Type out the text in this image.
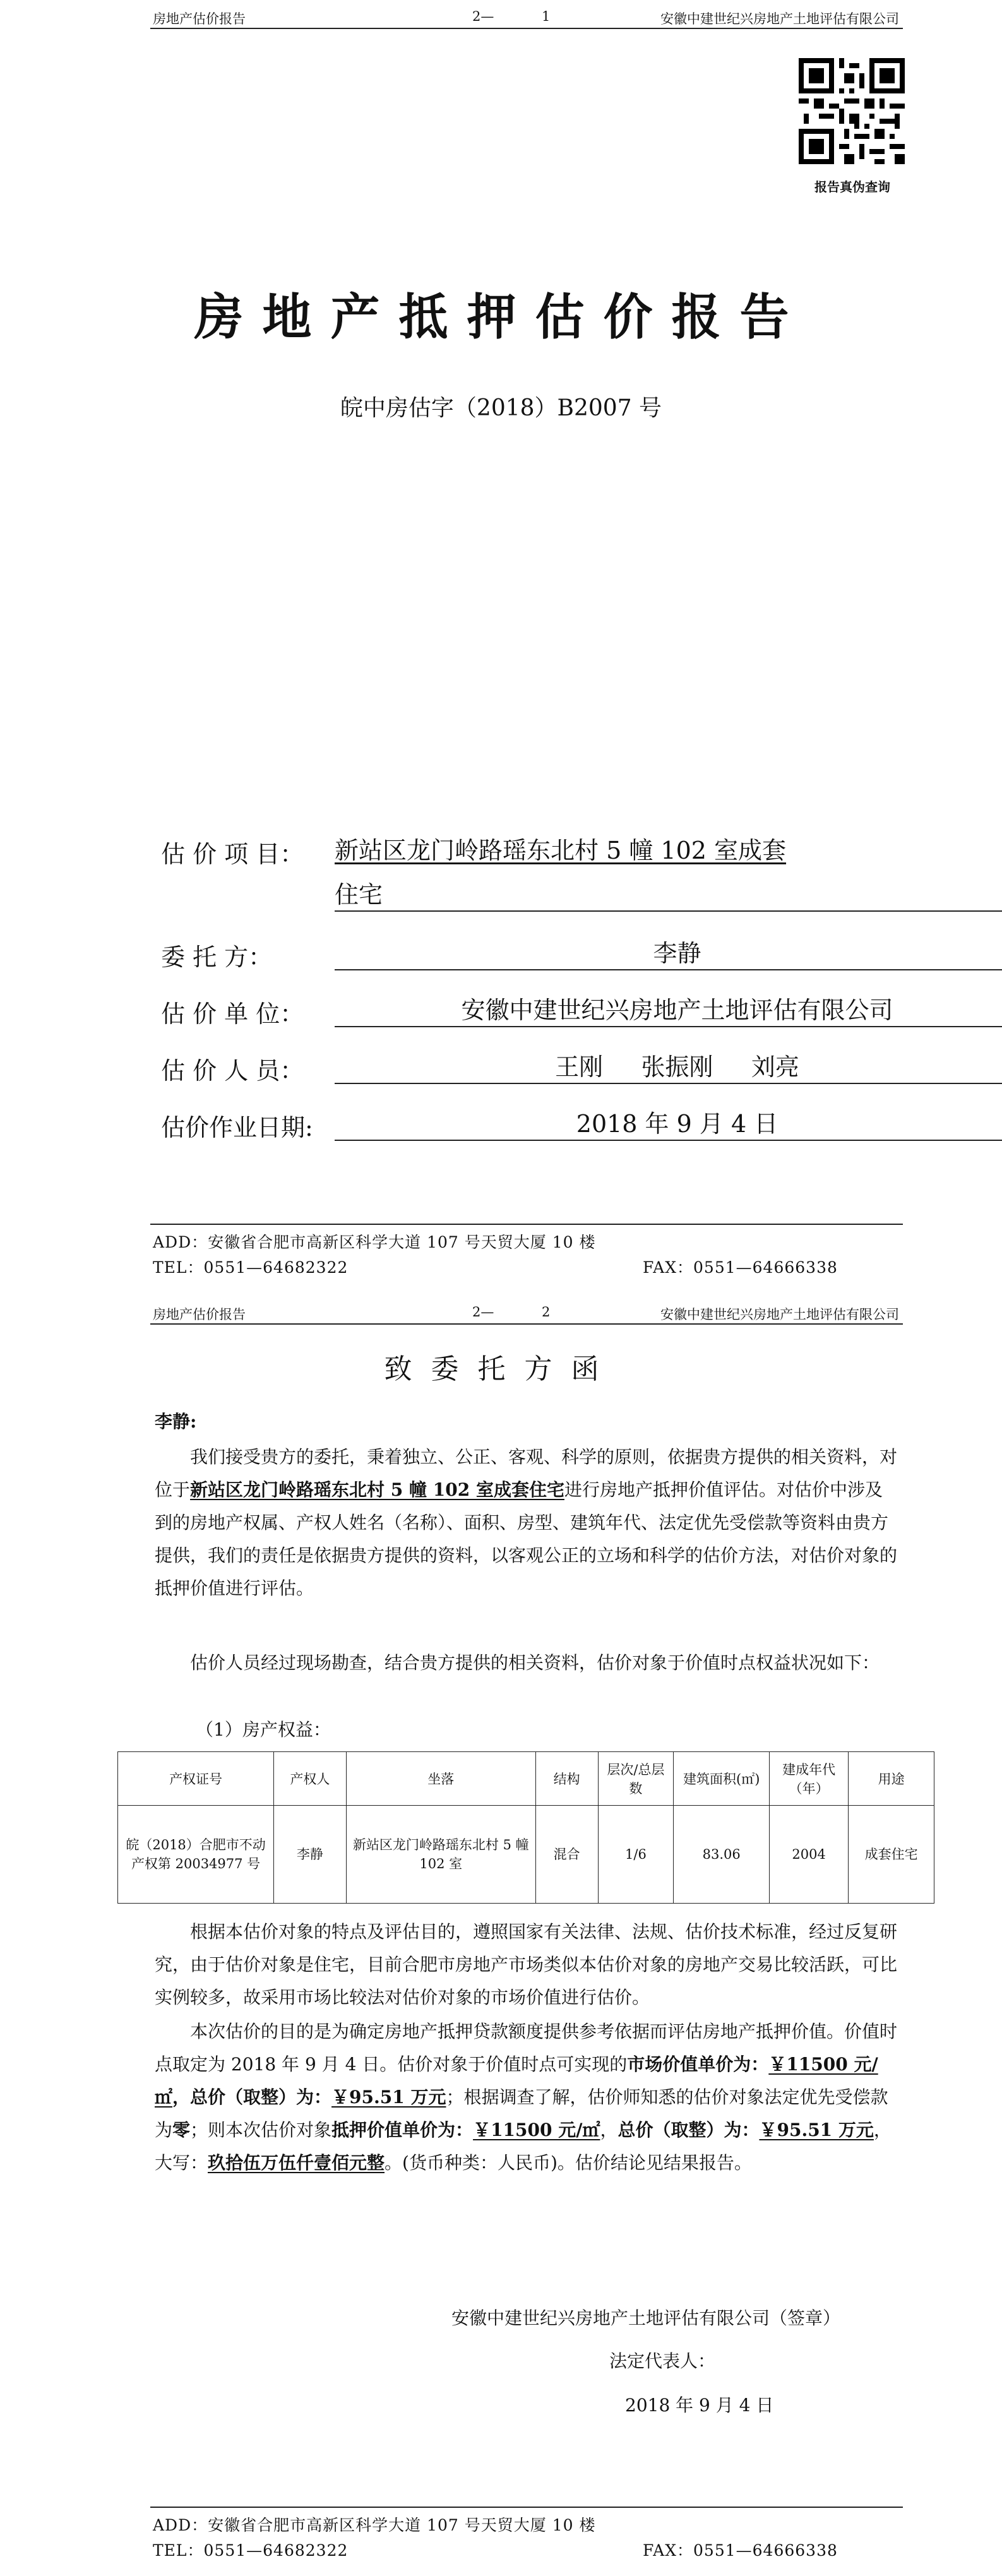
房地产估价报告	2—	1	安徽中建世纪兴房地产土地评估有限公司
报告真伪查询
房地产抵押估价报告
皖中房估字（2018）B2007 号
估 价 项 目： 新站区龙门岭路瑶东北村 5 幢 102 室成套
住宅
委 托 方：	李静
估 价 单 位：	安徽中建世纪兴房地产土地评估有限公司
估 价 人 员：	王刚     张振刚     刘亮
估价作业日期:	2018 年 9 月 4 日
ADD：安徽省合肥市高新区科学大道 107 号天贸大厦 10 楼
TEL：0551—64682322	FAX：0551—64666338
房地产估价报告	2—	2	安徽中建世纪兴房地产土地评估有限公司
致委托方函
李静:
我们接受贵方的委托，秉着独立、公正、客观、科学的原则，依据贵方提供的相关资料，对位于新站区龙门岭路瑶东北村 5 幢 102 室成套住宅进行房地产抵押价值评估。对估价中涉及到的房地产权属、产权人姓名（名称）、面积、房型、建筑年代、法定优先受偿款等资料由贵方提供，我们的责任是依据贵方提供的资料，以客观公正的立场和科学的估价方法，对估价对象的抵押价值进行评估。
估价人员经过现场勘查，结合贵方提供的相关资料，估价对象于价值时点权益状况如下：
（1）房产权益：
产权证号	产权人	坐落	结构	层次/总层数	建筑面积(㎡)	建成年代（年）	用途
皖（2018）合肥市不动产权第 20034977 号	李静	新站区龙门岭路瑶东北村 5 幢 102 室	混合	1/6	83.06	2004	成套住宅
根据本估价对象的特点及评估目的，遵照国家有关法律、法规、估价技术标准，经过反复研究，由于估价对象是住宅，目前合肥市房地产市场类似本估价对象的房地产交易比较活跃，可比实例较多，故采用市场比较法对估价对象的市场价值进行估价。
本次估价的目的是为确定房地产抵押贷款额度提供参考依据而评估房地产抵押价值。价值时点取定为 2018 年 9 月 4 日。估价对象于价值时点可实现的市场价值单价为：￥11500 元/㎡，总价（取整）为：￥95.51 万元；根据调查了解，估价师知悉的估价对象法定优先受偿款为零；则本次估价对象抵押价值单价为：￥11500 元/㎡，总价（取整）为：￥95.51 万元，大写：玖拾伍万伍仟壹佰元整。(货币种类：人民币)。估价结论见结果报告。
安徽中建世纪兴房地产土地评估有限公司（签章）
法定代表人：
2018 年 9 月 4 日
ADD：安徽省合肥市高新区科学大道 107 号天贸大厦 10 楼
TEL：0551—64682322	FAX：0551—64666338
